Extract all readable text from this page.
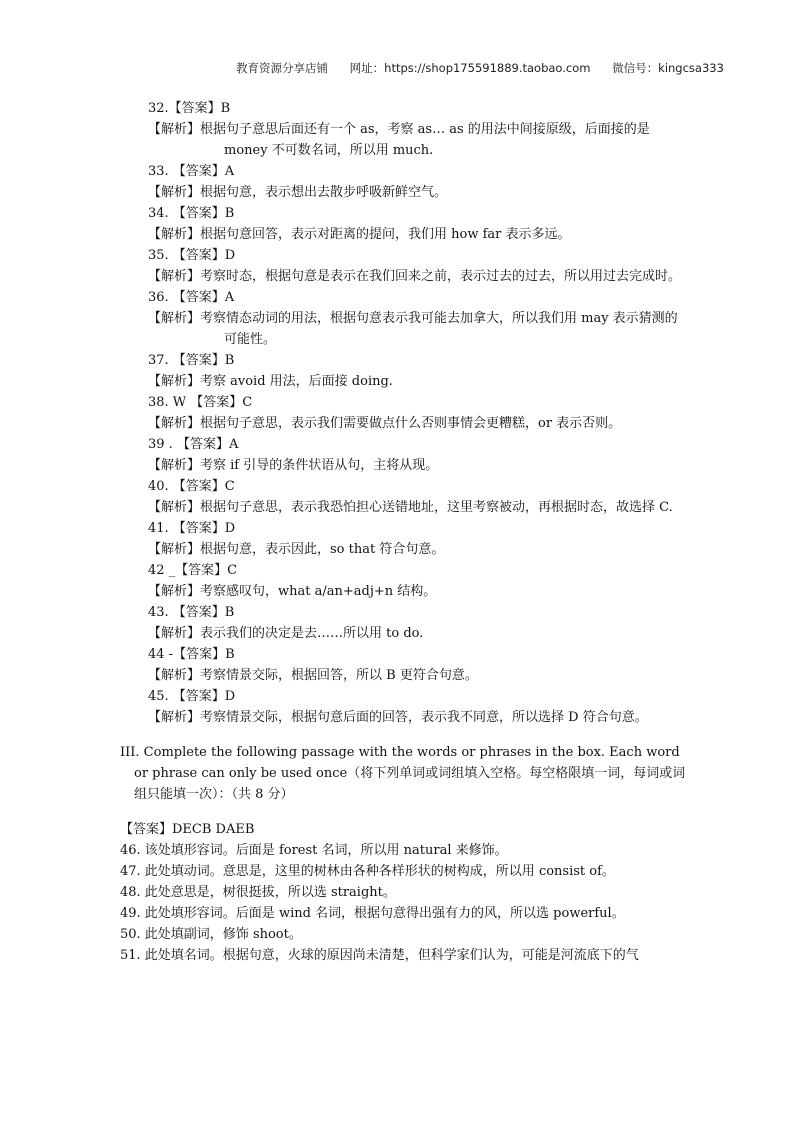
教育资源分享店铺 网址：https://shop175591889.taobao.com 微信号：kingcsa333
32.【答案】B
【解析】根据句子意思后面还有一个 as，考察 as… as 的用法中间接原级，后面接的是money 不可数名词，所以用 much.
33. 【答案】A
【解析】根据句意，表示想出去散步呼吸新鲜空气。
34. 【答案】B
【解析】根据句意回答，表示对距离的提问，我们用 how far 表示多远。
35. 【答案】D
【解析】考察时态，根据句意是表示在我们回来之前，表示过去的过去，所以用过去完成时。
36. 【答案】A
【解析】考察情态动词的用法，根据句意表示我可能去加拿大，所以我们用 may 表示猜测的可能性。
37. 【答案】B
【解析】考察 avoid 用法，后面接 doing.
38. W 【答案】C
【解析】根据句子意思，表示我们需要做点什么否则事情会更糟糕，or 表示否则。
39 . 【答案】A
【解析】考察 if 引导的条件状语从句，主将从现。
40. 【答案】C
【解析】根据句子意思，表示我恐怕担心送错地址，这里考察被动，再根据时态，故选择 C.
41. 【答案】D
【解析】根据句意，表示因此，so that 符合句意。
42 _【答案】C
【解析】考察感叹句，what a/an+adj+n 结构。
43. 【答案】B
【解析】表示我们的决定是去……所以用 to do.
44 -【答案】B
【解析】考察情景交际，根据回答，所以 B 更符合句意。
45. 【答案】D
【解析】考察情景交际，根据句意后面的回答，表示我不同意，所以选择 D 符合句意。
III. Complete the following passage with the words or phrases in the box. Each word or phrase can only be used once（将下列单词或词组填入空格。每空格限填一词，每词或词组只能填一次）：（共 8 分）
【答案】DECB DAEB
46. 该处填形容词。后面是 forest 名词，所以用 natural 来修饰。
47. 此处填动词。意思是，这里的树林由各种各样形状的树构成，所以用 consist of。
48. 此处意思是，树很挺拔，所以选 straight。
49. 此处填形容词。后面是 wind 名词，根据句意得出强有力的风，所以选 powerful。
50. 此处填副词，修饰 shoot。
51. 此处填名词。根据句意，火球的原因尚未清楚，但科学家们认为，可能是河流底下的气
